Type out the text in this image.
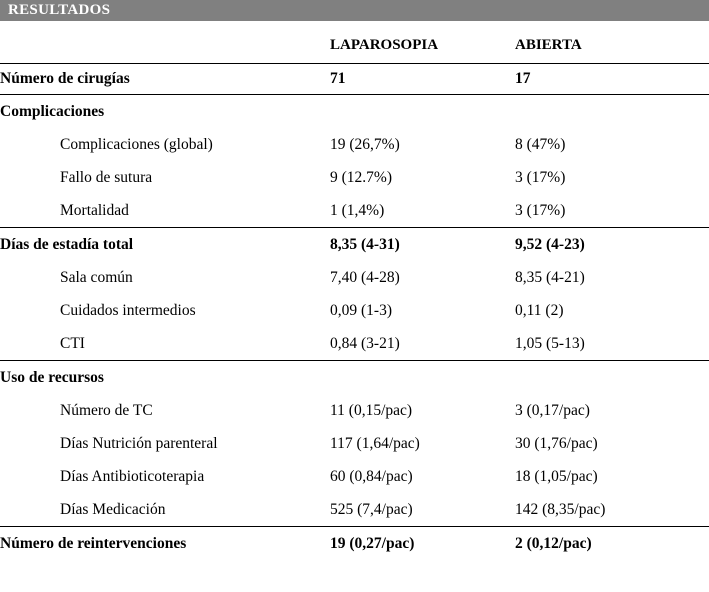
RESULTADOS
	LAPAROSOPIA	ABIERTA
Número de cirugías	71	17
Complicaciones		
Complicaciones (global)	19 (26,7%)	8 (47%)
Fallo de sutura	9 (12.7%)	3 (17%)
Mortalidad	1 (1,4%)	3 (17%)
Días de estadía total	8,35 (4-31)	9,52 (4-23)
Sala común	7,40 (4-28)	8,35 (4-21)
Cuidados intermedios	0,09 (1-3)	0,11 (2)
CTI	0,84 (3-21)	1,05 (5-13)
Uso de recursos		
Número de TC	11 (0,15/pac)	3 (0,17/pac)
Días Nutrición parenteral	117 (1,64/pac)	30 (1,76/pac)
Días Antibioticoterapia	60 (0,84/pac)	18 (1,05/pac)
Días Medicación	525 (7,4/pac)	142 (8,35/pac)
Número de reintervenciones	19 (0,27/pac)	2 (0,12/pac)
